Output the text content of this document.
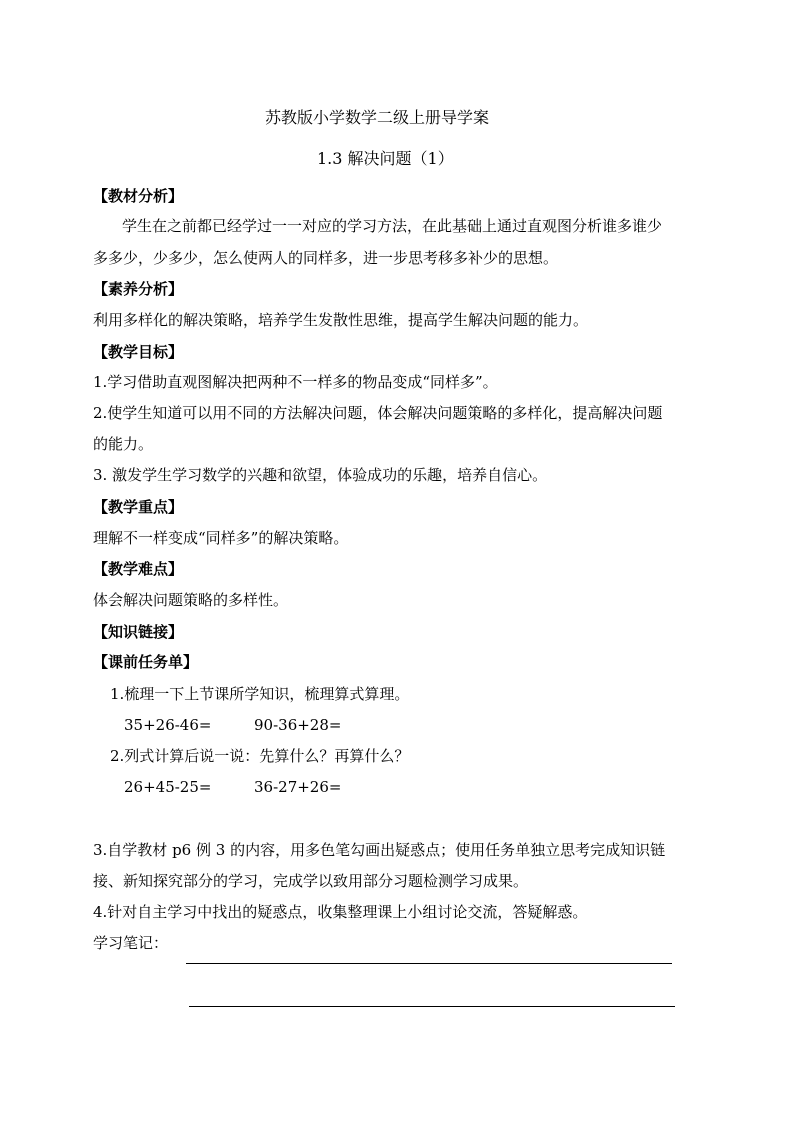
苏教版小学数学二级上册导学案
1.3 解决问题（1）
【教材分析】
学生在之前都已经学过一一对应的学习方法，在此基础上通过直观图分析谁多谁少
多多少，少多少，怎么使两人的同样多，进一步思考移多补少的思想。
【素养分析】
利用多样化的解决策略，培养学生发散性思维，提高学生解决问题的能力。
【教学目标】
1.学习借助直观图解决把两种不一样多的物品变成“同样多”。
2.使学生知道可以用不同的方法解决问题，体会解决问题策略的多样化，提高解决问题
的能力。
3. 激发学生学习数学的兴趣和欲望，体验成功的乐趣，培养自信心。
【教学重点】
理解不一样变成“同样多”的解决策略。
【教学难点】
体会解决问题策略的多样性。
【知识链接】
【课前任务单】
1.梳理一下上节课所学知识，梳理算式算理。
35+26-46=	90-36+28=
2.列式计算后说一说：先算什么？再算什么？
26+45-25=	36-27+26=
3.自学教材 p6 例 3 的内容，用多色笔勾画出疑惑点；使用任务单独立思考完成知识链
接、新知探究部分的学习，完成学以致用部分习题检测学习成果。
4.针对自主学习中找出的疑惑点，收集整理课上小组讨论交流，答疑解惑。
学习笔记：
